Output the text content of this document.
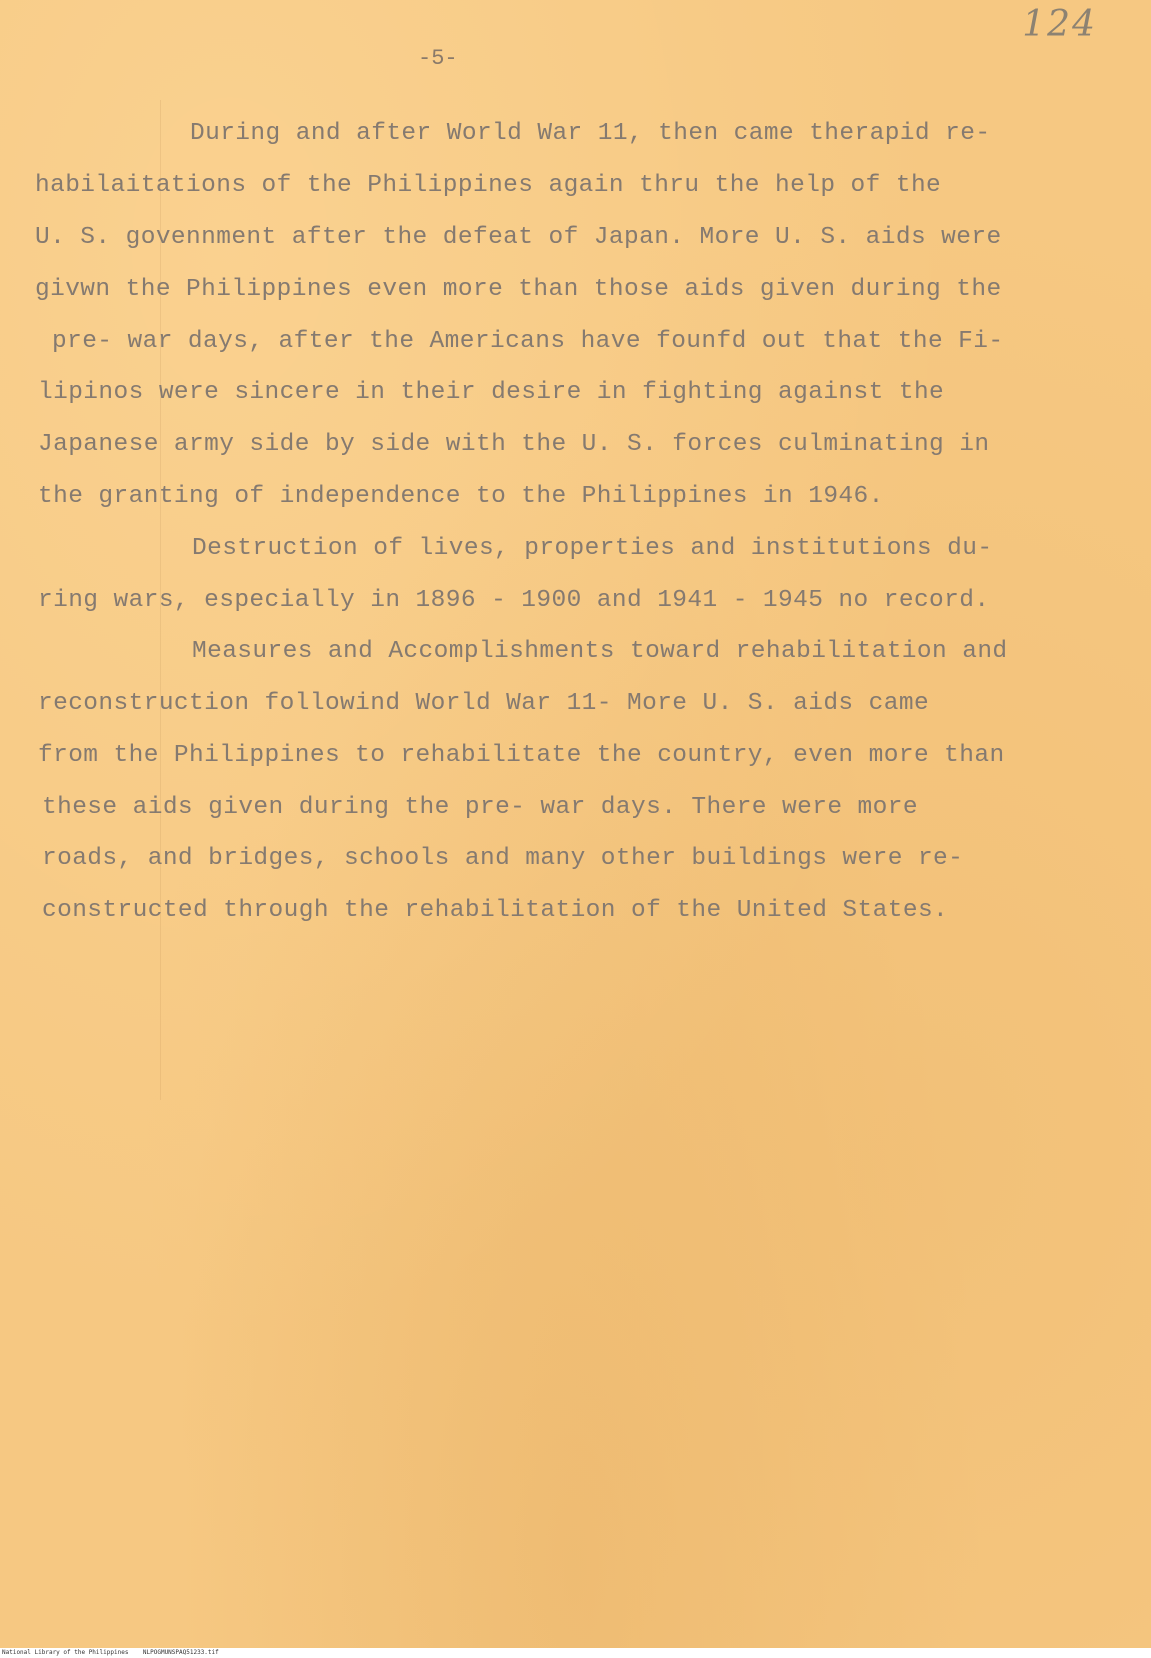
124
-5-
During and after World War 11, then came therapid re-
habilaitations of the Philippines again thru the help of the
U. S. govennment after the defeat of Japan. More U. S. aids were
givwn the Philippines even more than those aids given during the
pre- war days, after the Americans have founfd out that the Fi-
lipinos were sincere in their desire in fighting against the
Japanese army side by side with the U. S. forces culminating in
the granting of independence to the Philippines in 1946.
Destruction of lives, properties and institutions du-
ring wars, especially in 1896 - 1900 and 1941 - 1945 no record.
Measures and Accomplishments toward rehabilitation and
reconstruction followind World War 11- More U. S. aids came
from the Philippines to rehabilitate the country, even more than
these aids given during the pre- war days. There were more
roads, and bridges, schools and many other buildings were re-
constructed through the rehabilitation of the United States.
National Library of the Philippines NLPOGMUNSPAQ51233.tif
